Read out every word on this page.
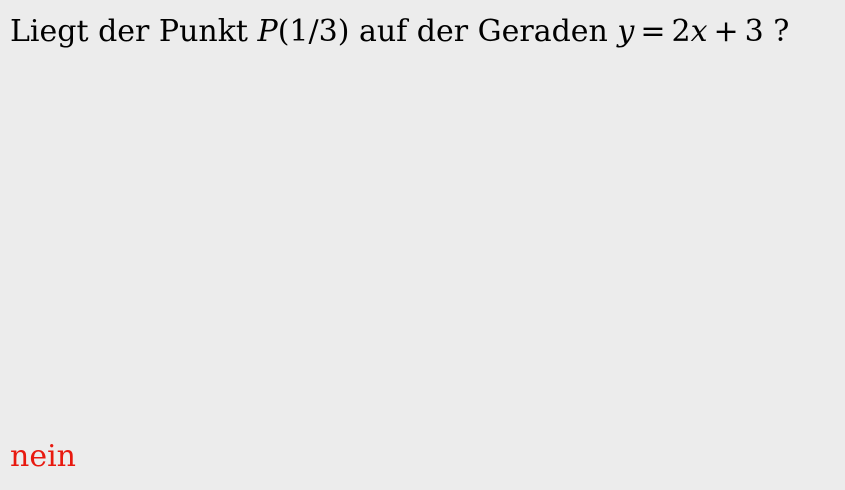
Liegt der Punkt P(1/3) auf der Geraden y = 2x + 3 ?
nein
